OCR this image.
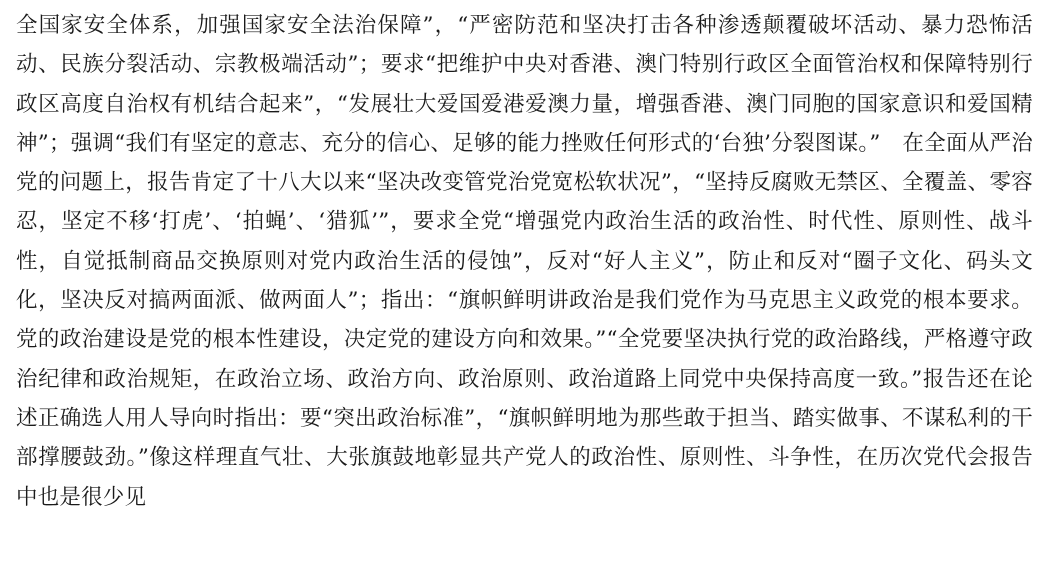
全国家安全体系，加强国家安全法治保障”，“严密防范和坚决打击各种渗透颠覆破坏活动、暴力恐怖活动、民族分裂活动、宗教极端活动”；要求“把维护中央对香港、澳门特别行政区全面管治权和保障特别行政区高度自治权有机结合起来”，“发展壮大爱国爱港爱澳力量，增强香港、澳门同胞的国家意识和爱国精神”；强调“我们有坚定的意志、充分的信心、足够的能力挫败任何形式的‘台独’分裂图谋。”　在全面从严治党的问题上，报告肯定了十八大以来“坚决改变管党治党宽松软状况”，“坚持反腐败无禁区、全覆盖、零容忍，坚定不移‘打虎’、‘拍蝇’、‘猎狐’”，要求全党“增强党内政治生活的政治性、时代性、原则性、战斗性，自觉抵制商品交换原则对党内政治生活的侵蚀”，反对“好人主义”，防止和反对“圈子文化、码头文化，坚决反对搞两面派、做两面人”；指出：“旗帜鲜明讲政治是我们党作为马克思主义政党的根本要求。党的政治建设是党的根本性建设，决定党的建设方向和效果。”“全党要坚决执行党的政治路线，严格遵守政治纪律和政治规矩，在政治立场、政治方向、政治原则、政治道路上同党中央保持高度一致。”报告还在论述正确选人用人导向时指出：要“突出政治标准”，“旗帜鲜明地为那些敢于担当、踏实做事、不谋私利的干部撑腰鼓劲。”像这样理直气壮、大张旗鼓地彰显共产党人的政治性、原则性、斗争性，在历次党代会报告中也是很少见
